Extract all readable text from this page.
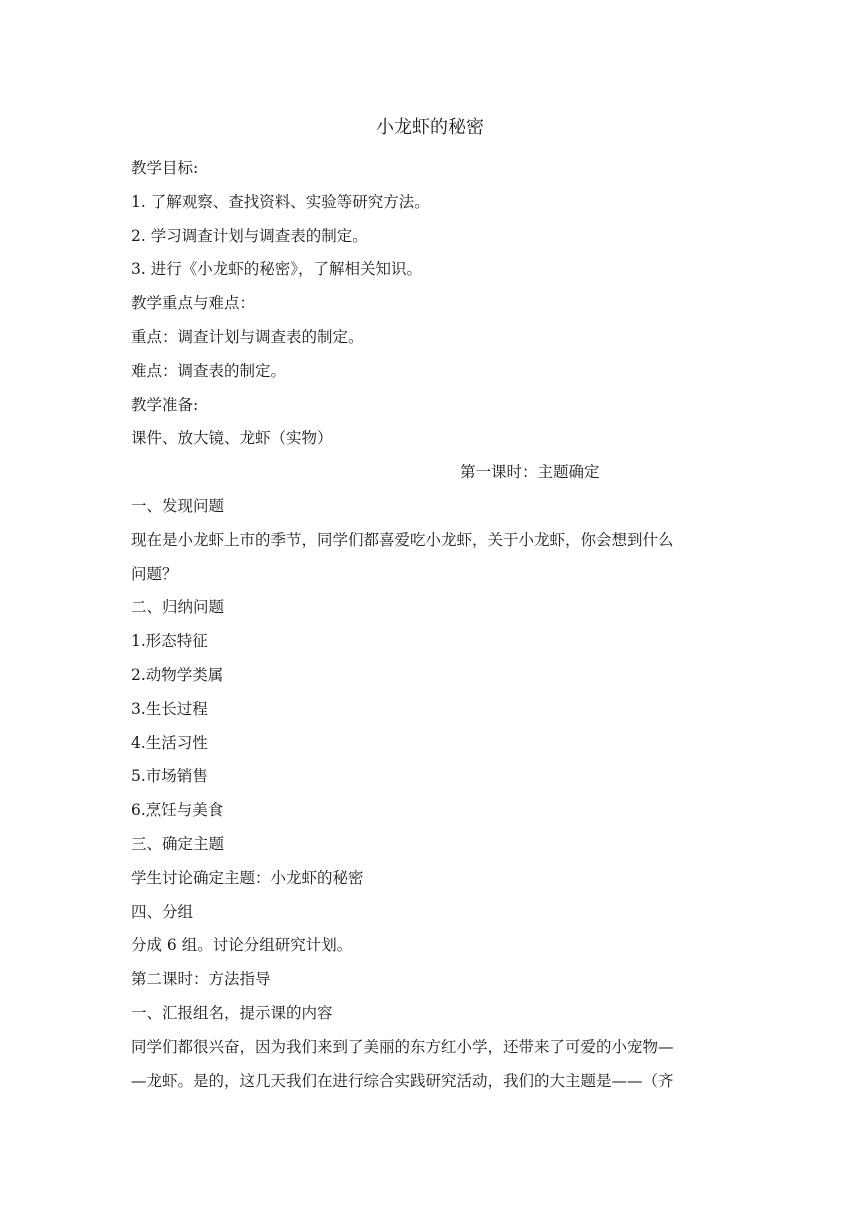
小龙虾的秘密

教学目标:

1. 了解观察、查找资料、实验等研究方法。

2. 学习调查计划与调查表的制定。

3. 进行《小龙虾的秘密》，了解相关知识。

教学重点与难点：

重点：调查计划与调查表的制定。

难点：调查表的制定。

教学准备:

课件、放大镜、龙虾（实物）

第一课时：主题确定

一、发现问题

现在是小龙虾上市的季节，同学们都喜爱吃小龙虾，关于小龙虾，你会想到什么

问题？

二、归纳问题

1.形态特征

2.动物学类属

3.生长过程

4.生活习性

5.市场销售

6.烹饪与美食

三、确定主题

学生讨论确定主题：小龙虾的秘密

四、分组

分成 6 组。讨论分组研究计划。

第二课时：方法指导

一、汇报组名，提示课的内容

同学们都很兴奋，因为我们来到了美丽的东方红小学，还带来了可爱的小宠物—

—龙虾。是的，这几天我们在进行综合实践研究活动，我们的大主题是——（齐
